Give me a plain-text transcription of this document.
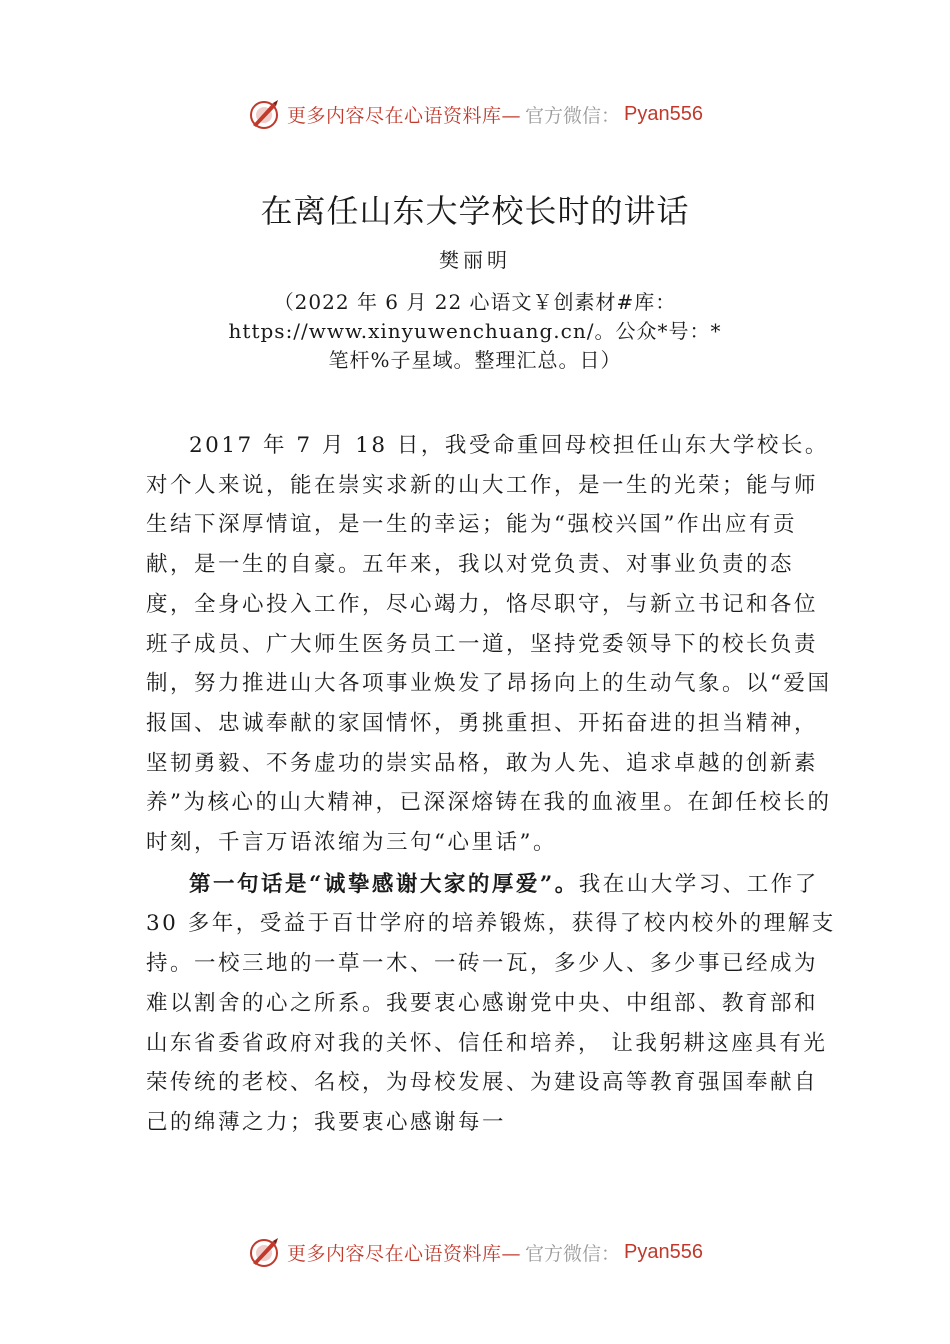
更多内容尽在心语资料库— 官方微信： Pyan556
在离任山东大学校长时的讲话
樊丽明
（2022 年 6 月 22 心语文￥创素材#库：https://www.xinyuwenchuang.cn/。公众*号：*笔杆%子星域。整理汇总。日）

2017 年 7 月 18 日，我受命重回母校担任山东大学校长。对个人来说，能在崇实求新的山大工作，是一生的光荣；能与师生结下深厚情谊，是一生的幸运；能为“强校兴国”作出应有贡献，是一生的自豪。五年来，我以对党负责、对事业负责的态度，全身心投入工作，尽心竭力，恪尽职守，与新立书记和各位班子成员、广大师生医务员工一道，坚持党委领导下的校长负责制，努力推进山大各项事业焕发了昂扬向上的生动气象。以“爱国报国、忠诚奉献的家国情怀，勇挑重担、开拓奋进的担当精神，坚韧勇毅、不务虚功的崇实品格，敢为人先、追求卓越的创新素养”为核心的山大精神，已深深熔铸在我的血液里。在卸任校长的时刻，千言万语浓缩为三句“心里话”。

第一句话是“诚挚感谢大家的厚爱”。我在山大学习、工作了 30 多年，受益于百廿学府的培养锻炼，获得了校内校外的理解支持。一校三地的一草一木、一砖一瓦，多少人、多少事已经成为难以割舍的心之所系。我要衷心感谢党中央、中组部、教育部和山东省委省政府对我的关怀、信任和培养， 让我躬耕这座具有光荣传统的老校、名校，为母校发展、为建设高等教育强国奉献自己的绵薄之力；我要衷心感谢每一

更多内容尽在心语资料库— 官方微信： Pyan556
